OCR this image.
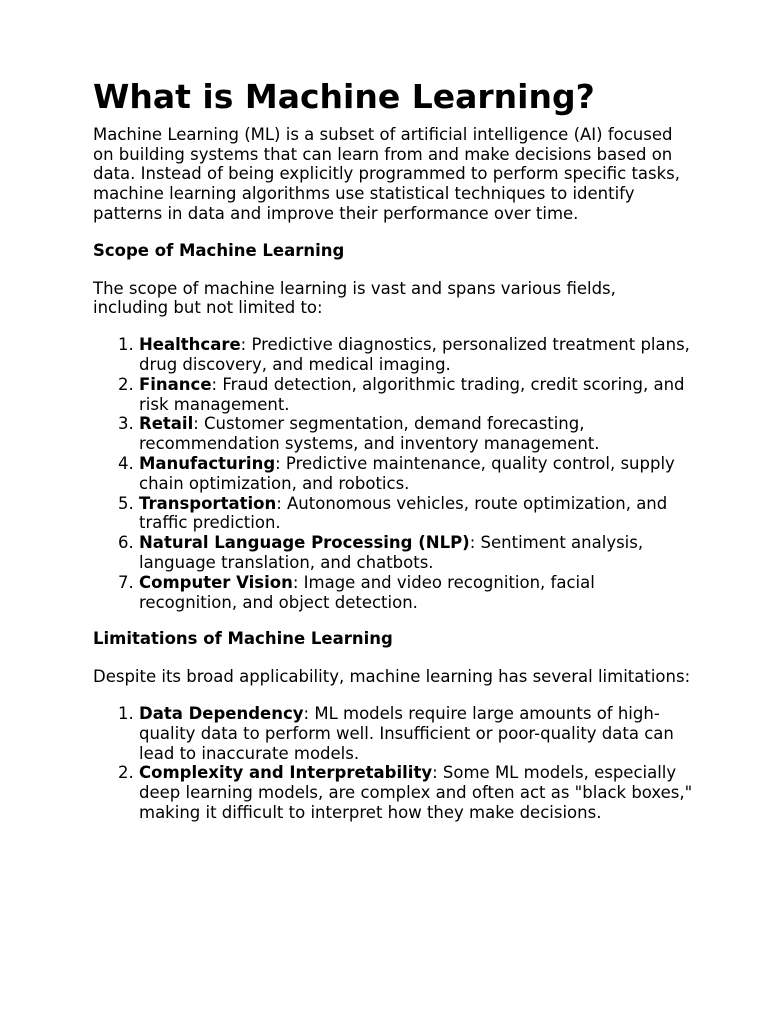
What is Machine Learning?

Machine Learning (ML) is a subset of artificial intelligence (AI) focused on building systems that can learn from and make decisions based on data. Instead of being explicitly programmed to perform specific tasks, machine learning algorithms use statistical techniques to identify patterns in data and improve their performance over time.

Scope of Machine Learning

The scope of machine learning is vast and spans various fields, including but not limited to:

1. Healthcare: Predictive diagnostics, personalized treatment plans, drug discovery, and medical imaging.
2. Finance: Fraud detection, algorithmic trading, credit scoring, and risk management.
3. Retail: Customer segmentation, demand forecasting, recommendation systems, and inventory management.
4. Manufacturing: Predictive maintenance, quality control, supply chain optimization, and robotics.
5. Transportation: Autonomous vehicles, route optimization, and traffic prediction.
6. Natural Language Processing (NLP): Sentiment analysis, language translation, and chatbots.
7. Computer Vision: Image and video recognition, facial recognition, and object detection.
Limitations of Machine Learning

Despite its broad applicability, machine learning has several limitations:

1. Data Dependency: ML models require large amounts of high-quality data to perform well. Insufficient or poor-quality data can lead to inaccurate models.
2. Complexity and Interpretability: Some ML models, especially deep learning models, are complex and often act as "black boxes," making it difficult to interpret how they make decisions.
